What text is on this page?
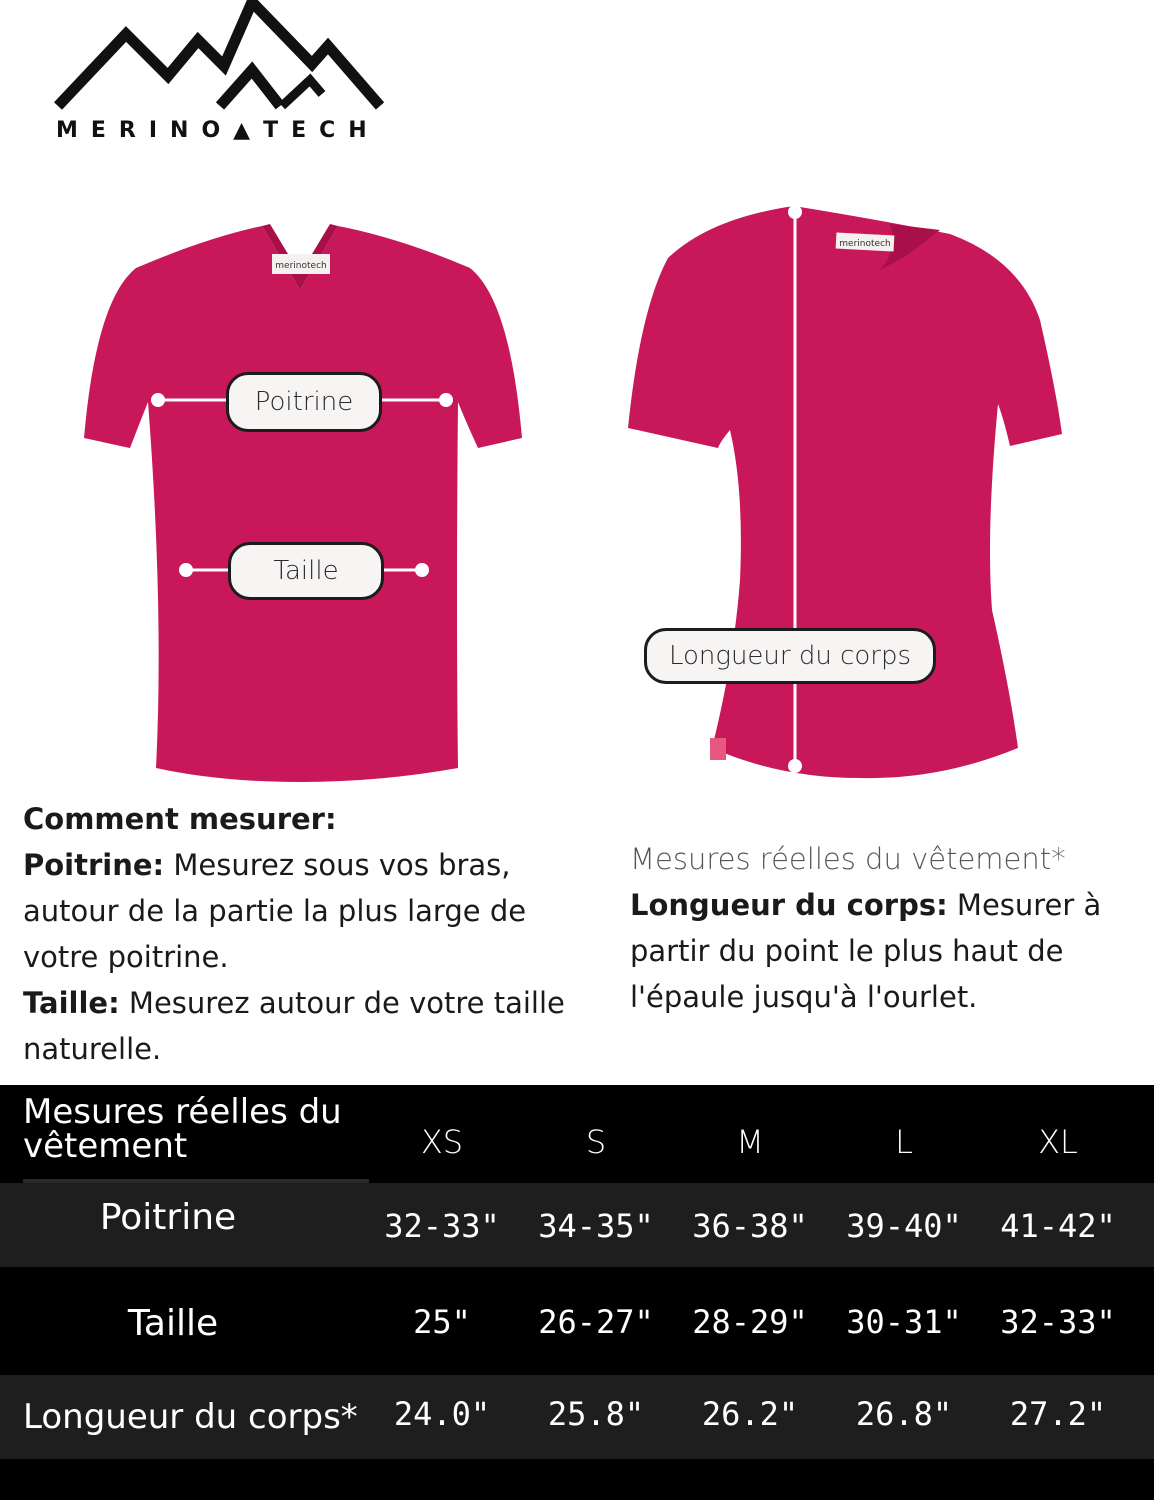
MERINO▲TECH
merinotech
merinotech
Poitrine
Taille
Longueur du corps
Comment mesurer:
Poitrine: Mesurez sous vos bras, autour de la partie la plus large de votre poitrine.
Taille: Mesurez autour de votre taille naturelle.
Mesures réelles du vêtement*
Longueur du corps: Mesurer à partir du point le plus haut de l'épaule jusqu'à l'ourlet.
Mesures réelles du vêtement	XS	S	M	L	XL
Poitrine	32-33"	34-35"	36-38"	39-40"	41-42"
Taille	25"	26-27"	28-29"	30-31"	32-33"
Longueur du corps*	24.0"	25.8"	26.2"	26.8"	27.2"
